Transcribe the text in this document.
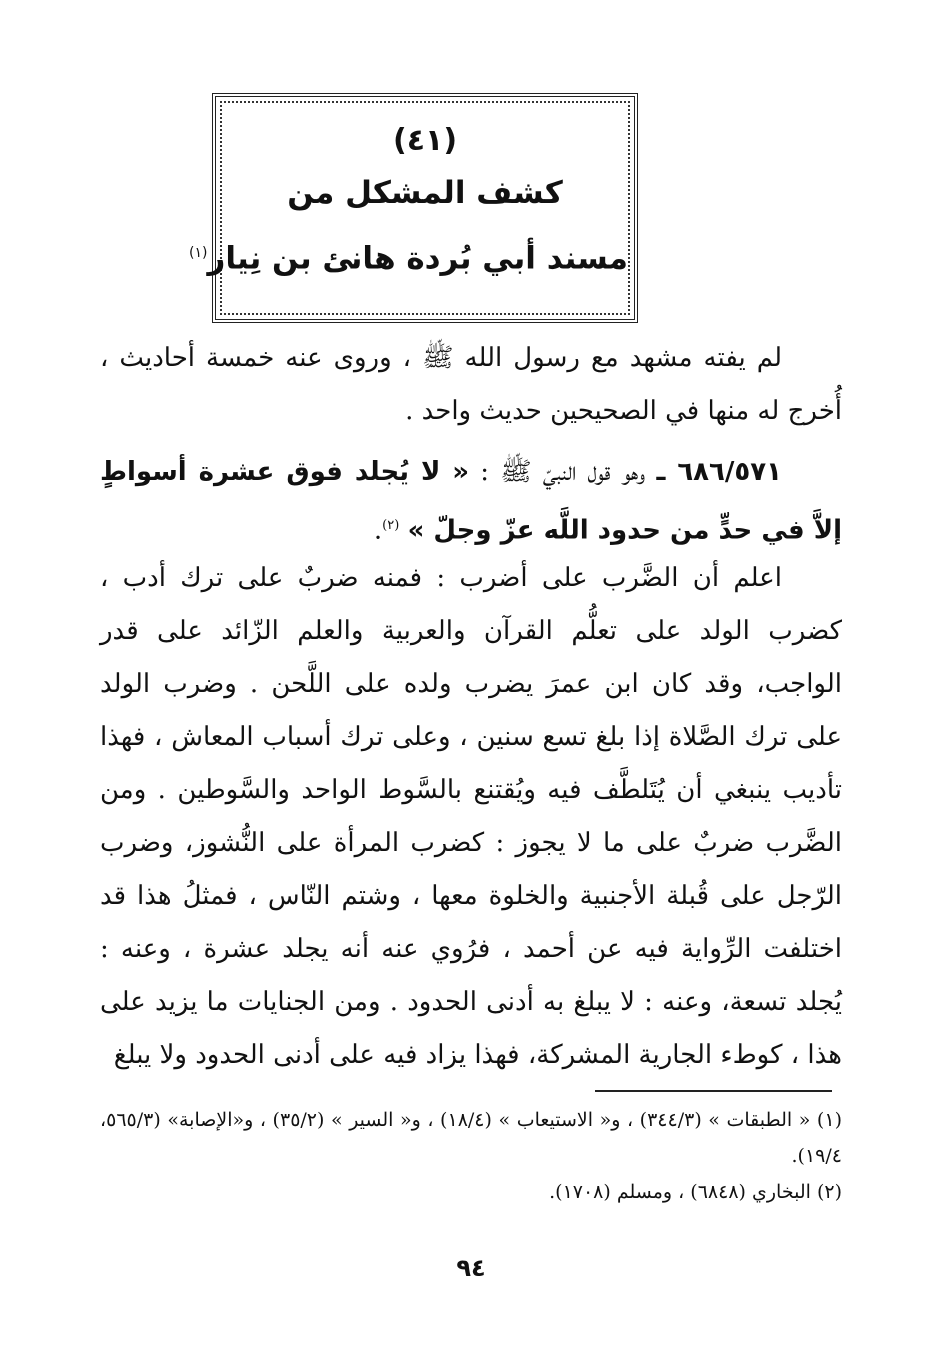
(٤١)
كشف المشكل من
مسند أبي بُردة هانئ بن نِيار$^{(١)}$

لم يفته مشهد مع رسول الله ﷺ ، وروى عنه خمسة أحاديث ، أُخرج له منها في الصحيحين حديث واحد .

٦٨٦/٥٧١ ـ وهو قول النبيّ ﷺ : « لا يُجلد فوق عشرة أسواطٍ إلاَّ في حدٍّ من حدود اللَّه عزّ وجلّ » $^{(٢)}$.

اعلم أن الضَّرب على أضرب : فمنه ضربٌ على ترك أدب ، كضرب الولد على تعلُّم القرآن والعربية والعلم الزّائد على قدر الواجب، وقد كان ابن عمرَ يضرب ولده على اللَّحن . وضرب الولد على ترك الصَّلاة إذا بلغ تسع سنين ، وعلى ترك أسباب المعاش ، فهذا تأديب ينبغي أن يُتَلطَّف فيه ويُقتنع بالسَّوط الواحد والسَّوطين . ومن الضَّرب ضربٌ على ما لا يجوز : كضرب المرأة على النُّشوز، وضرب الرّجل على قُبلة الأجنبية والخلوة معها ، وشتم النّاس ، فمثلُ هذا قد اختلفت الرِّواية فيه عن أحمد ، فرُوي عنه أنه يجلد عشرة ، وعنه : يُجلد تسعة، وعنه : لا يبلغ به أدنى الحدود . ومن الجنايات ما يزيد على هذا ، كوطء الجارية المشركة، فهذا يزاد فيه على أدنى الحدود ولا يبلغ

(١) « الطبقات » (٣٤٤/٣) ، و« الاستيعاب » (١٨/٤) ، و« السير » (٣٥/٢) ، و«الإصابة» (٥٦٥/٣، ١٩/٤).

(٢) البخاري (٦٨٤٨) ، ومسلم (١٧٠٨).

٩٤
